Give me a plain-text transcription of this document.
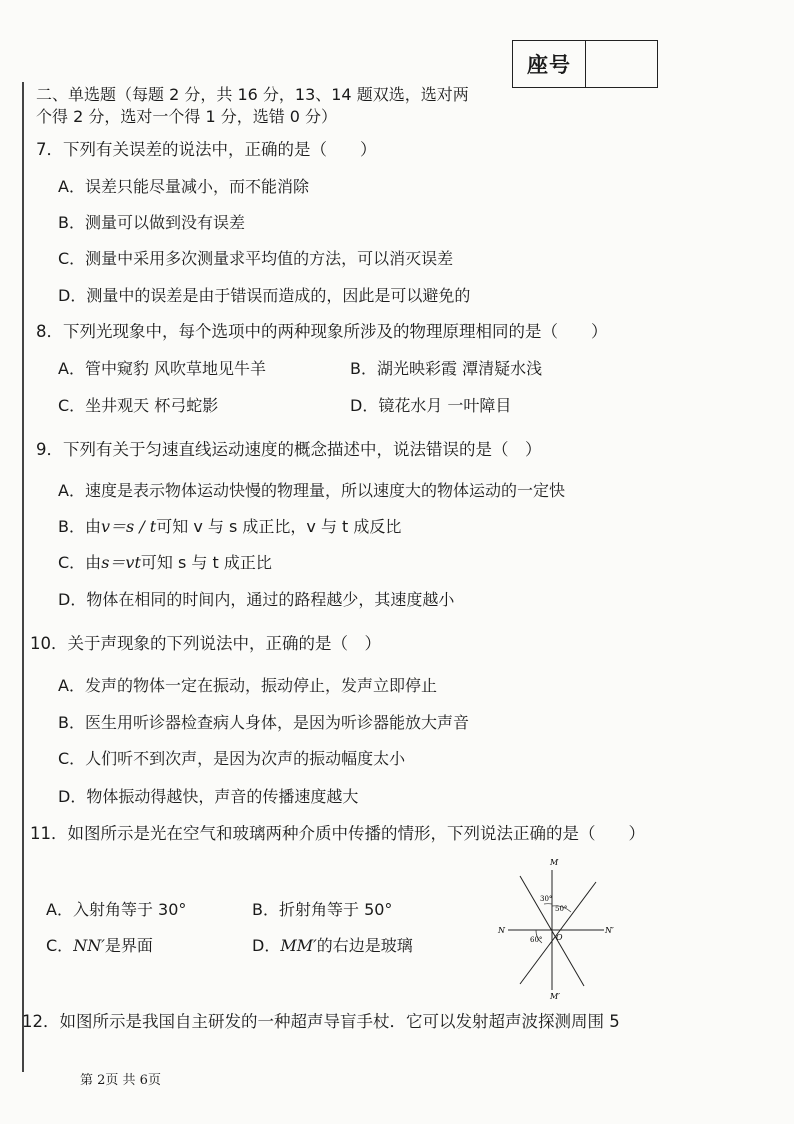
座号
二、单选题（每题 2 分，共 16 分，13、14 题双选，选对两
个得 2 分，选对一个得 1 分，选错 0 分）
7．下列有关误差的说法中，正确的是（　　）
A．误差只能尽量减小，而不能消除
B．测量可以做到没有误差
C．测量中采用多次测量求平均值的方法，可以消灭误差
D．测量中的误差是由于错误而造成的，因此是可以避免的
8．下列光现象中，每个选项中的两种现象所涉及的物理原理相同的是（　　）
A．管中窥豹 风吹草地见牛羊	B．湖光映彩霞 潭清疑水浅
C．坐井观天 杯弓蛇影	D．镜花水月 一叶障目
9．下列有关于匀速直线运动速度的概念描述中，说法错误的是（　）
A．速度是表示物体运动快慢的物理量，所以速度大的物体运动的一定快
B．由v＝s / t可知 v 与 s 成正比，v 与 t 成反比
C．由s＝vt可知 s 与 t 成正比
D．物体在相同的时间内，通过的路程越少，其速度越小
10．关于声现象的下列说法中，正确的是（　）
A．发声的物体一定在振动，振动停止，发声立即停止
B．医生用听诊器检查病人身体，是因为听诊器能放大声音
C．人们听不到次声，是因为次声的振动幅度太小
D．物体振动得越快，声音的传播速度越大
11．如图所示是光在空气和玻璃两种介质中传播的情形，下列说法正确的是（　　）
A．入射角等于 30°	B．折射角等于 50°
C．NN′是界面	D．MM′的右边是玻璃
M
M′
N	N′
O
30°
50°
60°
12．如图所示是我国自主研发的一种超声导盲手杖．它可以发射超声波探测周围 5
第 2页 共 6页
